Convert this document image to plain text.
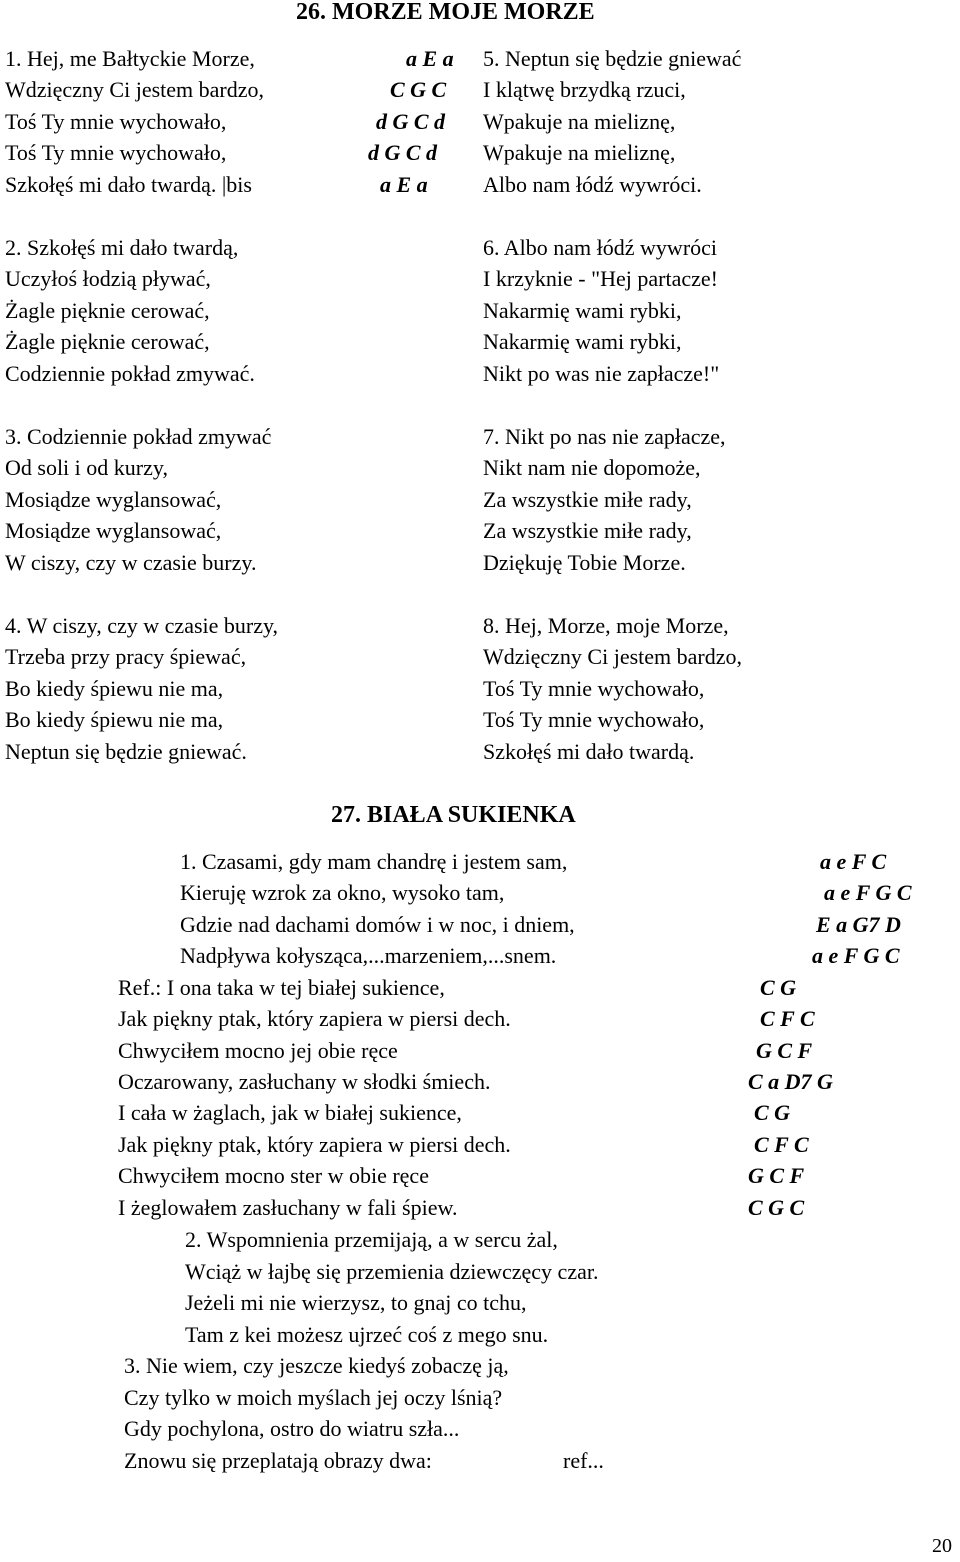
26. MORZE MOJE MORZE
1. Hej, me Bałtyckie Morze,
Wdzięczny Ci jestem bardzo,
Toś Ty mnie wychowało,
Toś Ty mnie wychowało,
Szkołęś mi dało twardą. |bis
a E a
C G C
d G C d
d G C d
a E a
2. Szkołęś mi dało twardą,
Uczyłoś łodzią pływać,
Żagle pięknie cerować,
Żagle pięknie cerować,
Codziennie pokład zmywać.
3. Codziennie pokład zmywać
Od soli i od kurzy,
Mosiądze wyglansować,
Mosiądze wyglansować,
W ciszy, czy w czasie burzy.
4. W ciszy, czy w czasie burzy,
Trzeba przy pracy śpiewać,
Bo kiedy śpiewu nie ma,
Bo kiedy śpiewu nie ma,
Neptun się będzie gniewać.
5. Neptun się będzie gniewać
I klątwę brzydką rzuci,
Wpakuje na mieliznę,
Wpakuje na mieliznę,
Albo nam łódź wywróci.
6. Albo nam łódź wywróci
I krzyknie - "Hej partacze!
Nakarmię wami rybki,
Nakarmię wami rybki,
Nikt po was nie zapłacze!"
7. Nikt po nas nie zapłacze,
Nikt nam nie dopomoże,
Za wszystkie miłe rady,
Za wszystkie miłe rady,
Dziękuję Tobie Morze.
8. Hej, Morze, moje Morze,
Wdzięczny Ci jestem bardzo,
Toś Ty mnie wychowało,
Toś Ty mnie wychowało,
Szkołęś mi dało twardą.
27. BIAŁA SUKIENKA
1. Czasami, gdy mam chandrę i jestem sam,
Kieruję wzrok za okno, wysoko tam,
Gdzie nad dachami domów i w noc, i dniem,
Nadpływa kołysząca,...marzeniem,...snem.
a e F C
a e F G C
E a G7 D
a e F G C
Ref.: I ona taka w tej białej sukience,
Jak piękny ptak, który zapiera w piersi dech.
Chwyciłem mocno jej obie ręce
Oczarowany, zasłuchany w słodki śmiech.
I cała w żaglach, jak w białej sukience,
Jak piękny ptak, który zapiera w piersi dech.
Chwyciłem mocno ster w obie ręce
I żeglowałem zasłuchany w fali śpiew.
C G
C F C
G C F
C a D7 G
C G
C F C
G C F
C G C
2. Wspomnienia przemijają, a w sercu żal,
Wciąż w łajbę się przemienia dziewczęcy czar.
Jeżeli mi nie wierzysz, to gnaj co tchu,
Tam z kei możesz ujrzeć coś z mego snu.
3. Nie wiem, czy jeszcze kiedyś zobaczę ją,
Czy tylko w moich myślach jej oczy lśnią?
Gdy pochylona, ostro do wiatru szła...
Znowu się przeplatają obrazy dwa:	ref...
20
